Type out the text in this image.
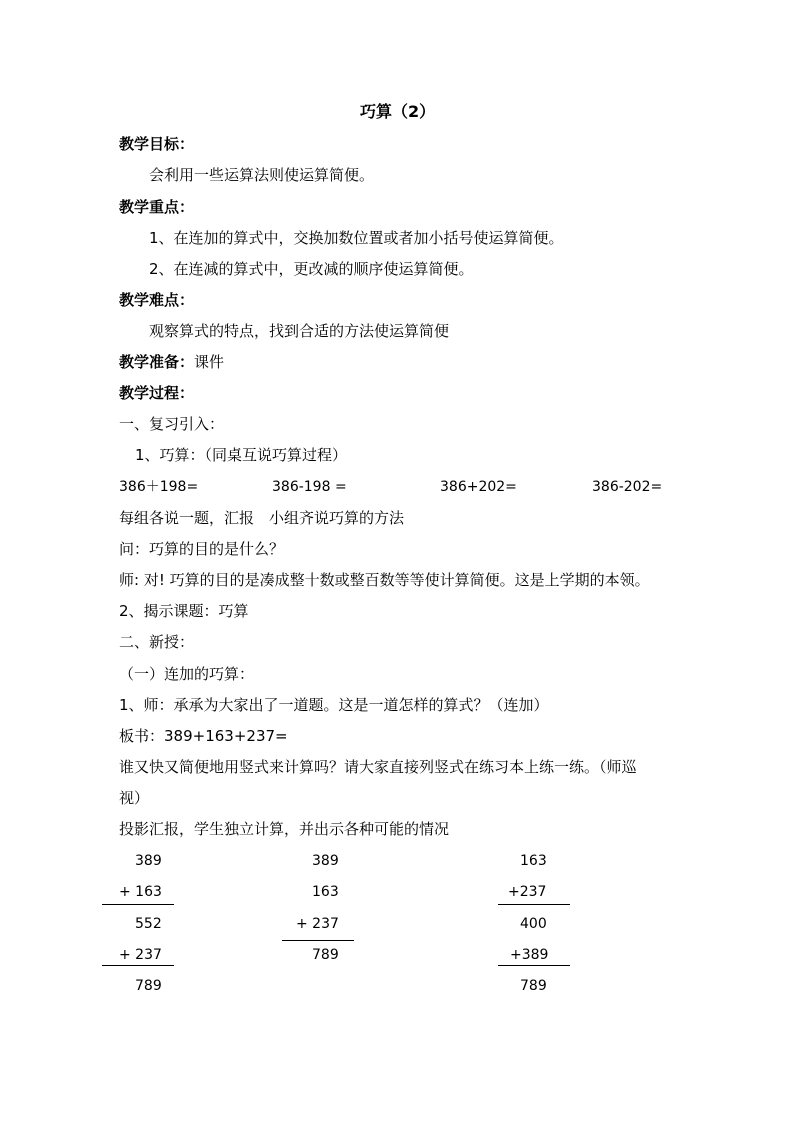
巧算（2）
教学目标：
会利用一些运算法则使运算简便。
教学重点：
1、在连加的算式中，交换加数位置或者加小括号使运算简便。
2、在连减的算式中，更改减的顺序使运算简便。
教学难点：
观察算式的特点，找到合适的方法使运算简便
教学准备：课件
教学过程：
一、复习引入：
1、巧算：（同桌互说巧算过程）
386＋198=	386-198 =	386+202=	386-202=
每组各说一题，汇报　小组齐说巧算的方法
问：巧算的目的是什么？
师: 对! 巧算的目的是凑成整十数或整百数等等使计算简便。这是上学期的本领。
2、揭示课题：巧算
二、新授：
（一）连加的巧算：
1、师：承承为大家出了一道题。这是一道怎样的算式？（连加）
板书：389+163+237=
谁又快又简便地用竖式来计算吗？请大家直接列竖式在练习本上练一练。（师巡
视）
投影汇报，学生独立计算，并出示各种可能的情况
389
+ 163
552
+ 237
789
389
163
+ 237
789
163
+237
400
+389
789
